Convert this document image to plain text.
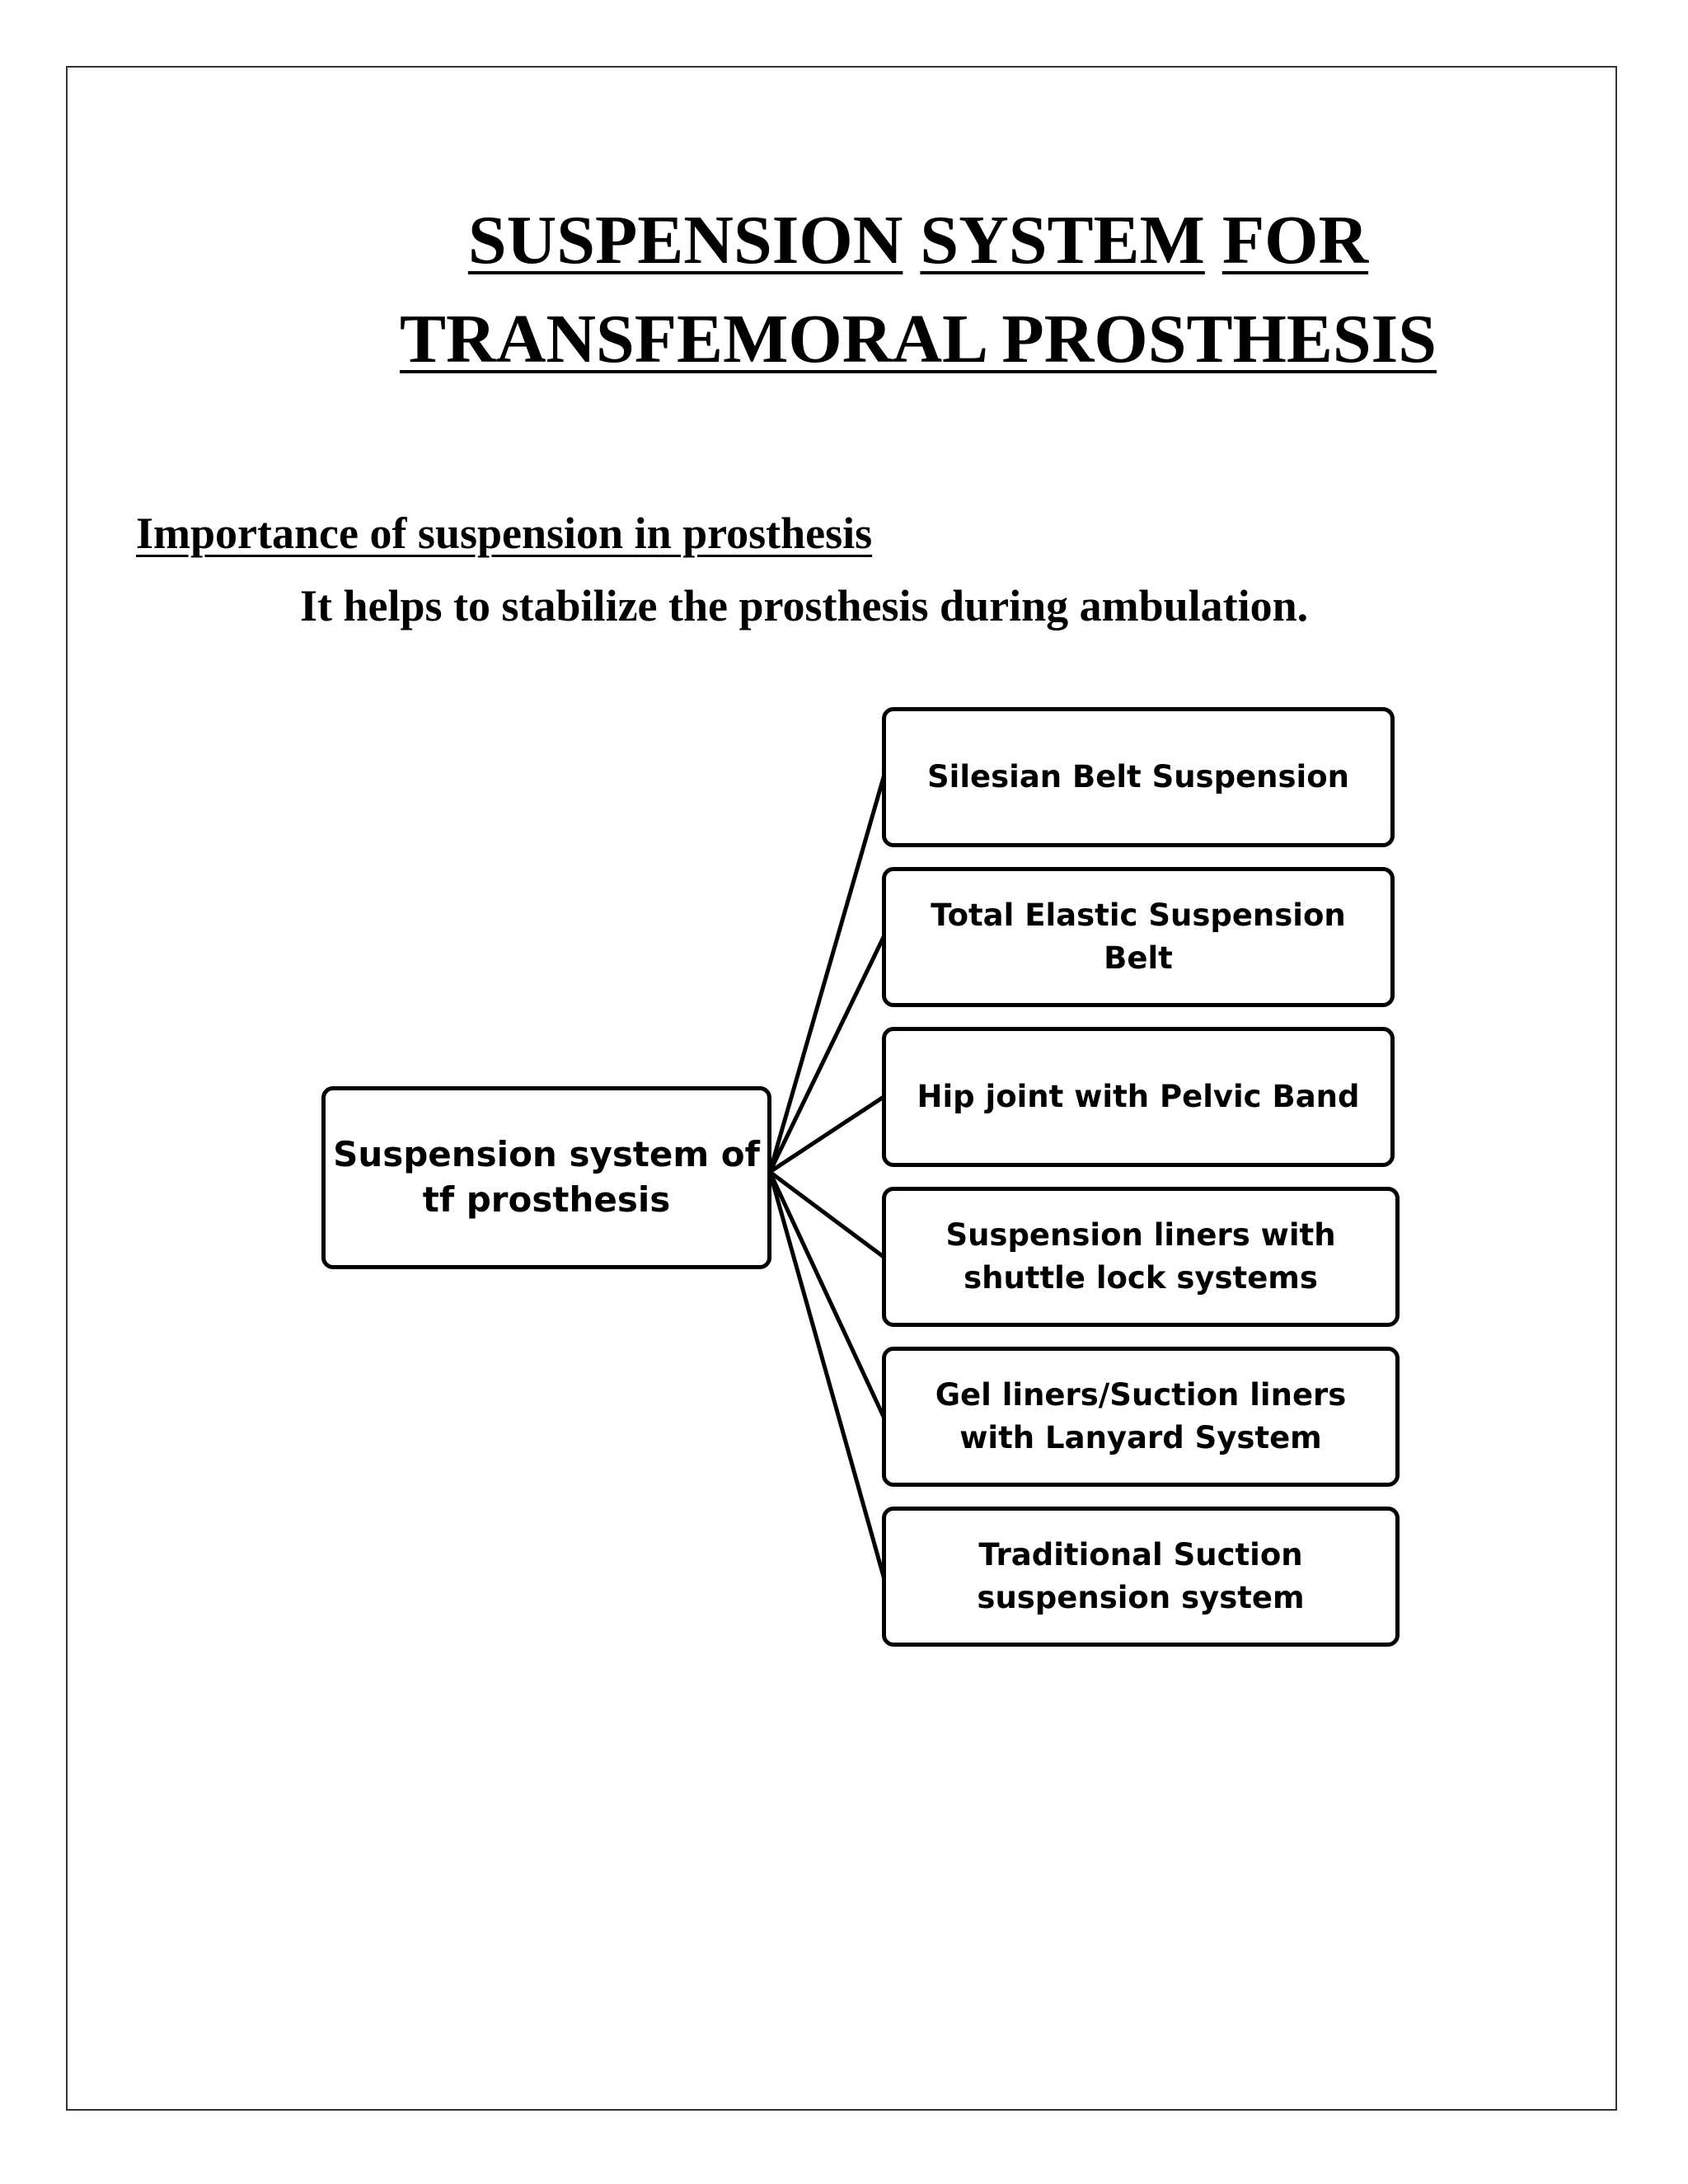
SUSPENSION SYSTEM FOR
TRANSFEMORAL PROSTHESIS
Importance of suspension in prosthesis

It helps to stabilize the prosthesis during ambulation.

Suspension system of tf prosthesis
Silesian Belt Suspension
Total Elastic Suspension Belt
Hip joint with Pelvic Band
Suspension liners with shuttle lock systems
Gel liners/Suction liners with Lanyard System
Traditional Suction suspension system
